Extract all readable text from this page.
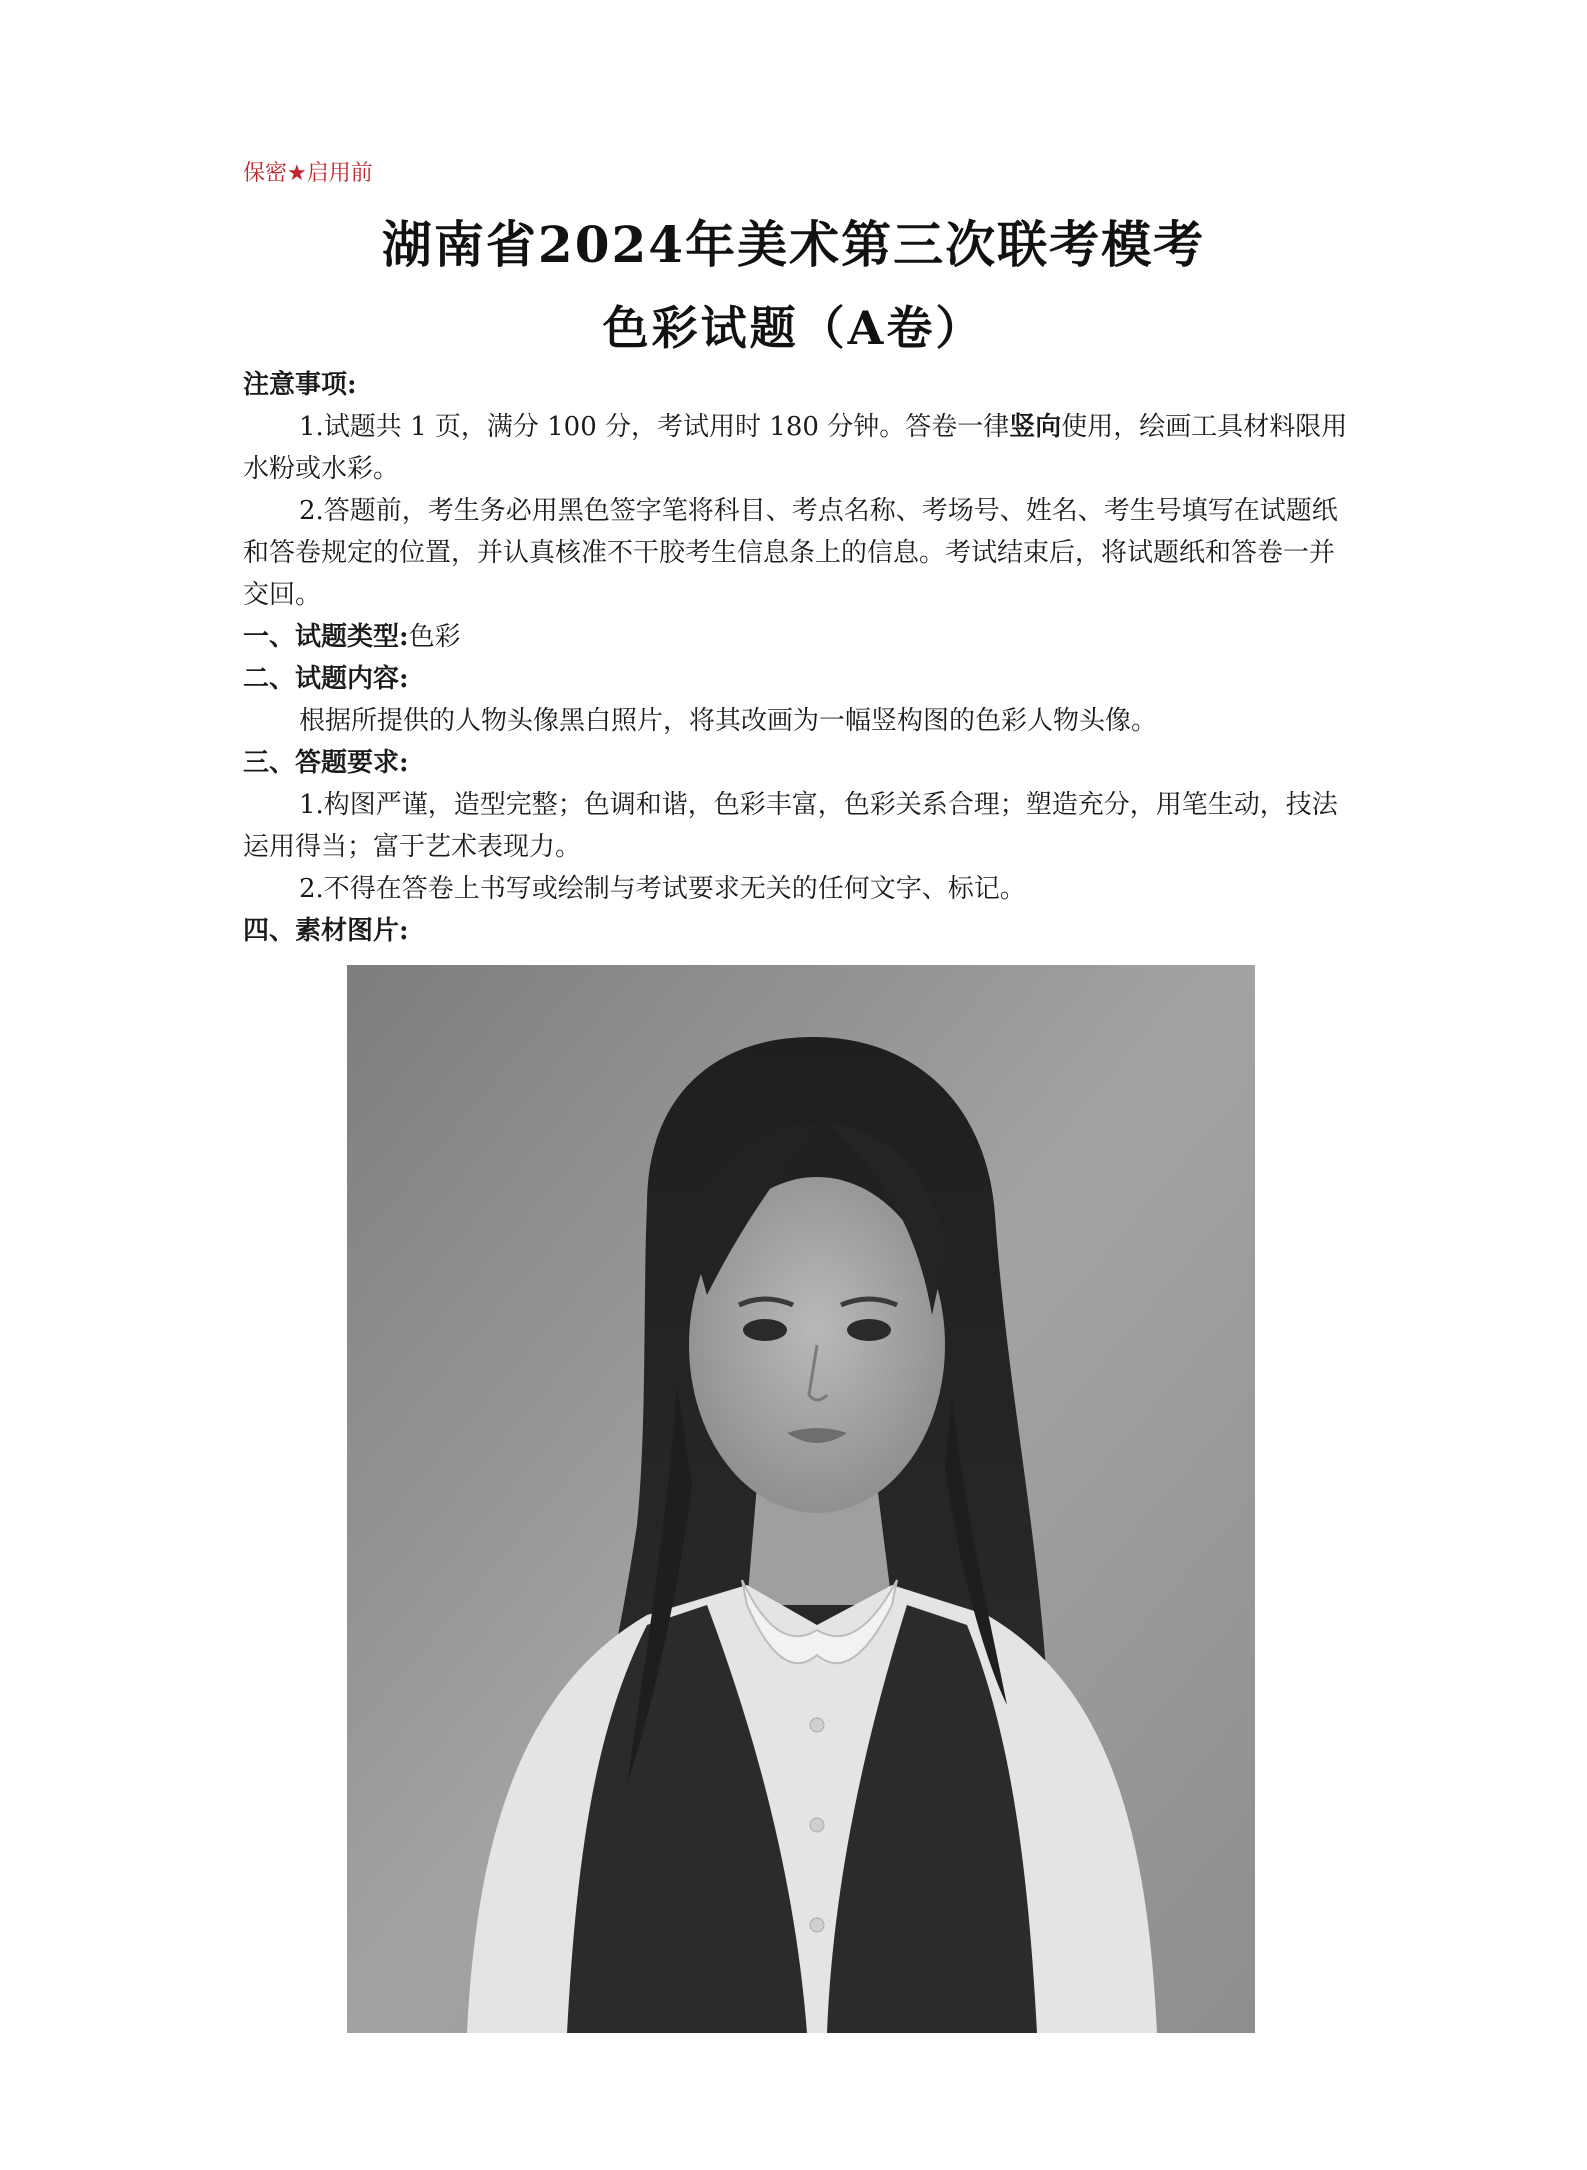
保密★启用前
湖南省2024年美术第三次联考模考
色彩试题（A卷）

注意事项:

1.试题共 1 页，满分 100 分，考试用时 180 分钟。答卷一律竖向使用，绘画工具材料限用水粉或水彩。

2.答题前，考生务必用黑色签字笔将科目、考点名称、考场号、姓名、考生号填写在试题纸和答卷规定的位置，并认真核准不干胶考生信息条上的信息。考试结束后，将试题纸和答卷一并交回。

一、试题类型:色彩

二、试题内容:

根据所提供的人物头像黑白照片，将其改画为一幅竖构图的色彩人物头像。

三、答题要求:

1.构图严谨，造型完整；色调和谐，色彩丰富，色彩关系合理；塑造充分，用笔生动，技法运用得当；富于艺术表现力。

2.不得在答卷上书写或绘制与考试要求无关的任何文字、标记。

四、素材图片:
